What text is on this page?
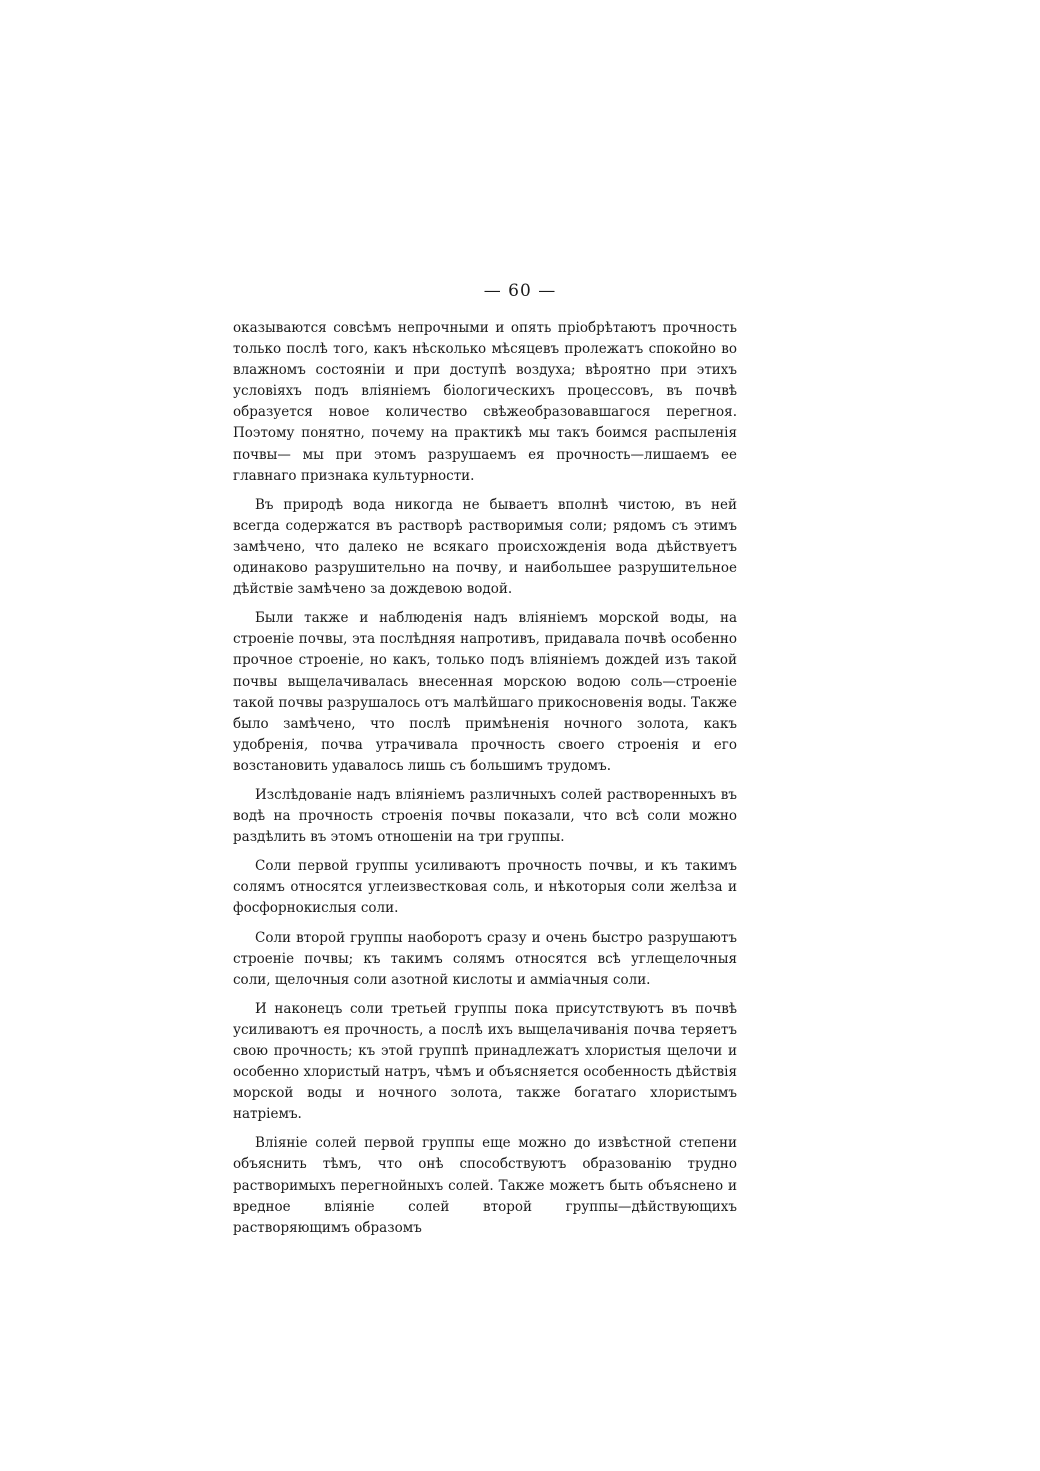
— 60 —

оказываются совсѣмъ непрочными и опять пріобрѣтаютъ прочность только послѣ того, какъ нѣсколько мѣсяцевъ пролежатъ спокойно во влажномъ состояніи и при доступѣ воздуха; вѣроятно при этихъ условіяхъ подъ вліяніемъ біологическихъ процессовъ, въ почвѣ образуется новое количество свѣжеобразовавшагося перегноя. Поэтому понятно, почему на практикѣ мы такъ боимся распыленія почвы— мы при этомъ разрушаемъ ея прочность—лишаемъ ее главнаго признака культурности.

Въ природѣ вода никогда не бываетъ вполнѣ чистою, въ ней всегда содержатся въ растворѣ растворимыя соли; рядомъ съ этимъ замѣчено, что далеко не всякаго происхожденія вода дѣйствуетъ одинаково разрушительно на почву, и наибольшее разрушительное дѣйствіе замѣчено за дождевою водой.

Были также и наблюденія надъ вліяніемъ морской воды, на строеніе почвы, эта послѣдняя напротивъ, придавала почвѣ особенно прочное строеніе, но какъ, только подъ вліяніемъ дождей изъ такой почвы выщелачивалась внесенная морскою водою соль—строеніе такой почвы разрушалось отъ малѣйшаго прикосновенія воды. Также было замѣчено, что послѣ примѣненія ночного золота, какъ удобренія, почва утрачивала прочность своего строенія и его возстановить удавалось лишь съ большимъ трудомъ.

Изслѣдованіе надъ вліяніемъ различныхъ солей растворенныхъ въ водѣ на прочность строенія почвы показали, что всѣ соли можно раздѣлить въ этомъ отношеніи на три группы.

Соли первой группы усиливаютъ прочность почвы, и къ такимъ солямъ относятся углеизвестковая соль, и нѣкоторыя соли желѣза и фосфорнокислыя соли.

Соли второй группы наоборотъ сразу и очень быстро разрушаютъ строеніе почвы; къ такимъ солямъ относятся всѣ углещелочныя соли, щелочныя соли азотной кислоты и амміачныя соли.

И наконецъ соли третьей группы пока присутствуютъ въ почвѣ усиливаютъ ея прочность, а послѣ ихъ выщелачиванія почва теряетъ свою прочность; къ этой группѣ принадлежатъ хлористыя щелочи и особенно хлористый натръ, чѣмъ и объясняется особенность дѣйствія морской воды и ночного золота, также богатаго хлористымъ натріемъ.

Вліяніе солей первой группы еще можно до извѣстной степени объяснить тѣмъ, что онѣ способствуютъ образованію трудно растворимыхъ перегнойныхъ солей. Также можетъ быть объяснено и вредное вліяніе солей второй группы—дѣйствующихъ растворяющимъ образомъ
